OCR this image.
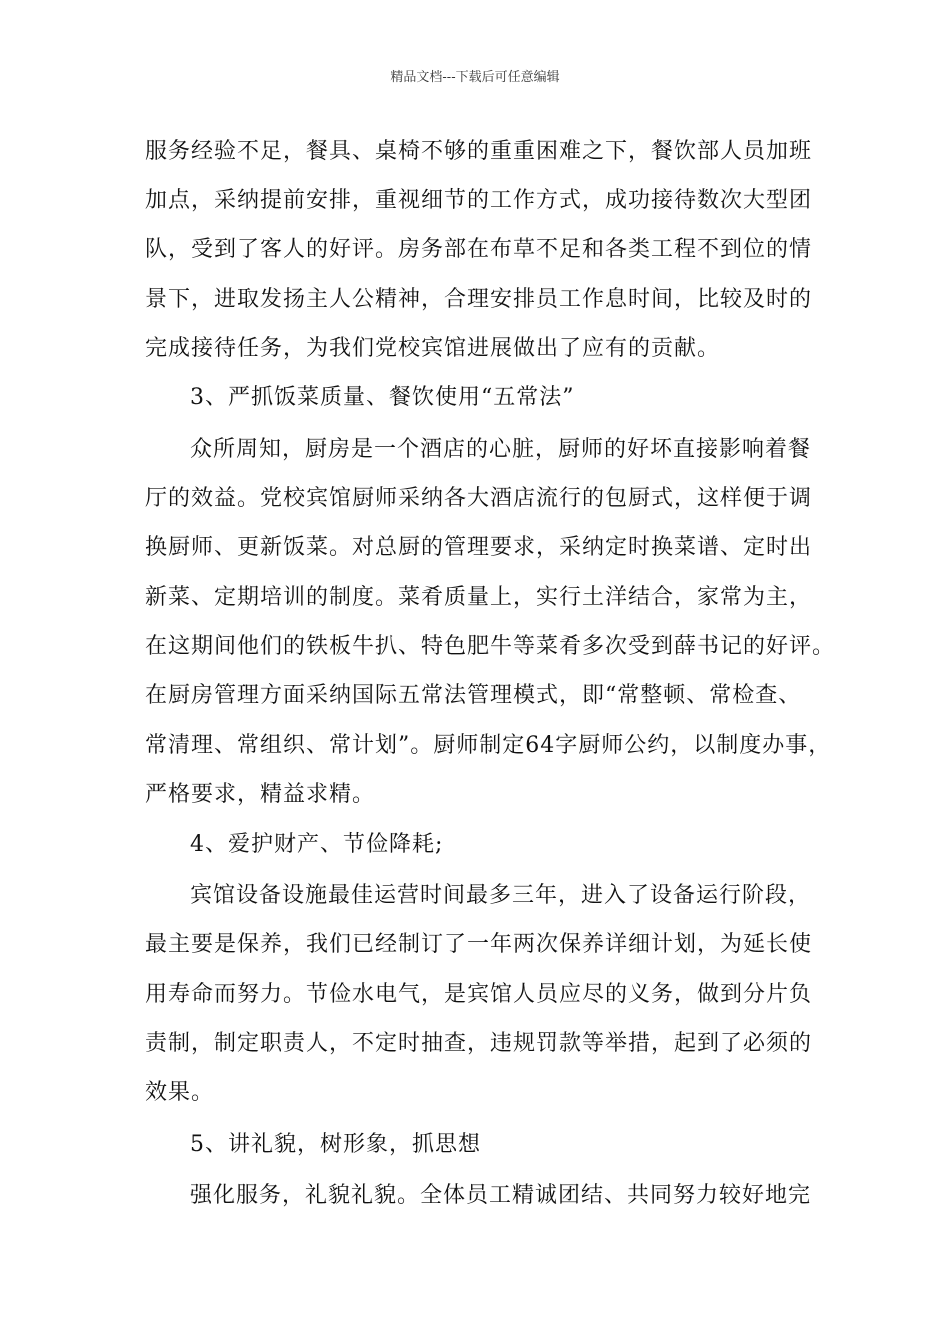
精品文档---下载后可任意编辑
服务经验不足，餐具、桌椅不够的重重困难之下，餐饮部人员加班
加点，采纳提前安排，重视细节的工作方式，成功接待数次大型团
队，受到了客人的好评。房务部在布草不足和各类工程不到位的情
景下，进取发扬主人公精神，合理安排员工作息时间，比较及时的
完成接待任务，为我们党校宾馆进展做出了应有的贡献。
3、严抓饭菜质量、餐饮使用“五常法”
众所周知，厨房是一个酒店的心脏，厨师的好坏直接影响着餐
厅的效益。党校宾馆厨师采纳各大酒店流行的包厨式，这样便于调
换厨师、更新饭菜。对总厨的管理要求，采纳定时换菜谱、定时出
新菜、定期培训的制度。菜肴质量上，实行土洋结合，家常为主，
在这期间他们的铁板牛扒、特色肥牛等菜肴多次受到薛书记的好评。
在厨房管理方面采纳国际五常法管理模式，即“常整顿、常检查、
常清理、常组织、常计划”。厨师制定64字厨师公约，以制度办事，
严格要求，精益求精。
4、爱护财产、节俭降耗;
宾馆设备设施最佳运营时间最多三年，进入了设备运行阶段，
最主要是保养，我们已经制订了一年两次保养详细计划，为延长使
用寿命而努力。节俭水电气，是宾馆人员应尽的义务，做到分片负
责制，制定职责人，不定时抽查，违规罚款等举措，起到了必须的
效果。
5、讲礼貌，树形象，抓思想
强化服务，礼貌礼貌。全体员工精诚团结、共同努力较好地完
